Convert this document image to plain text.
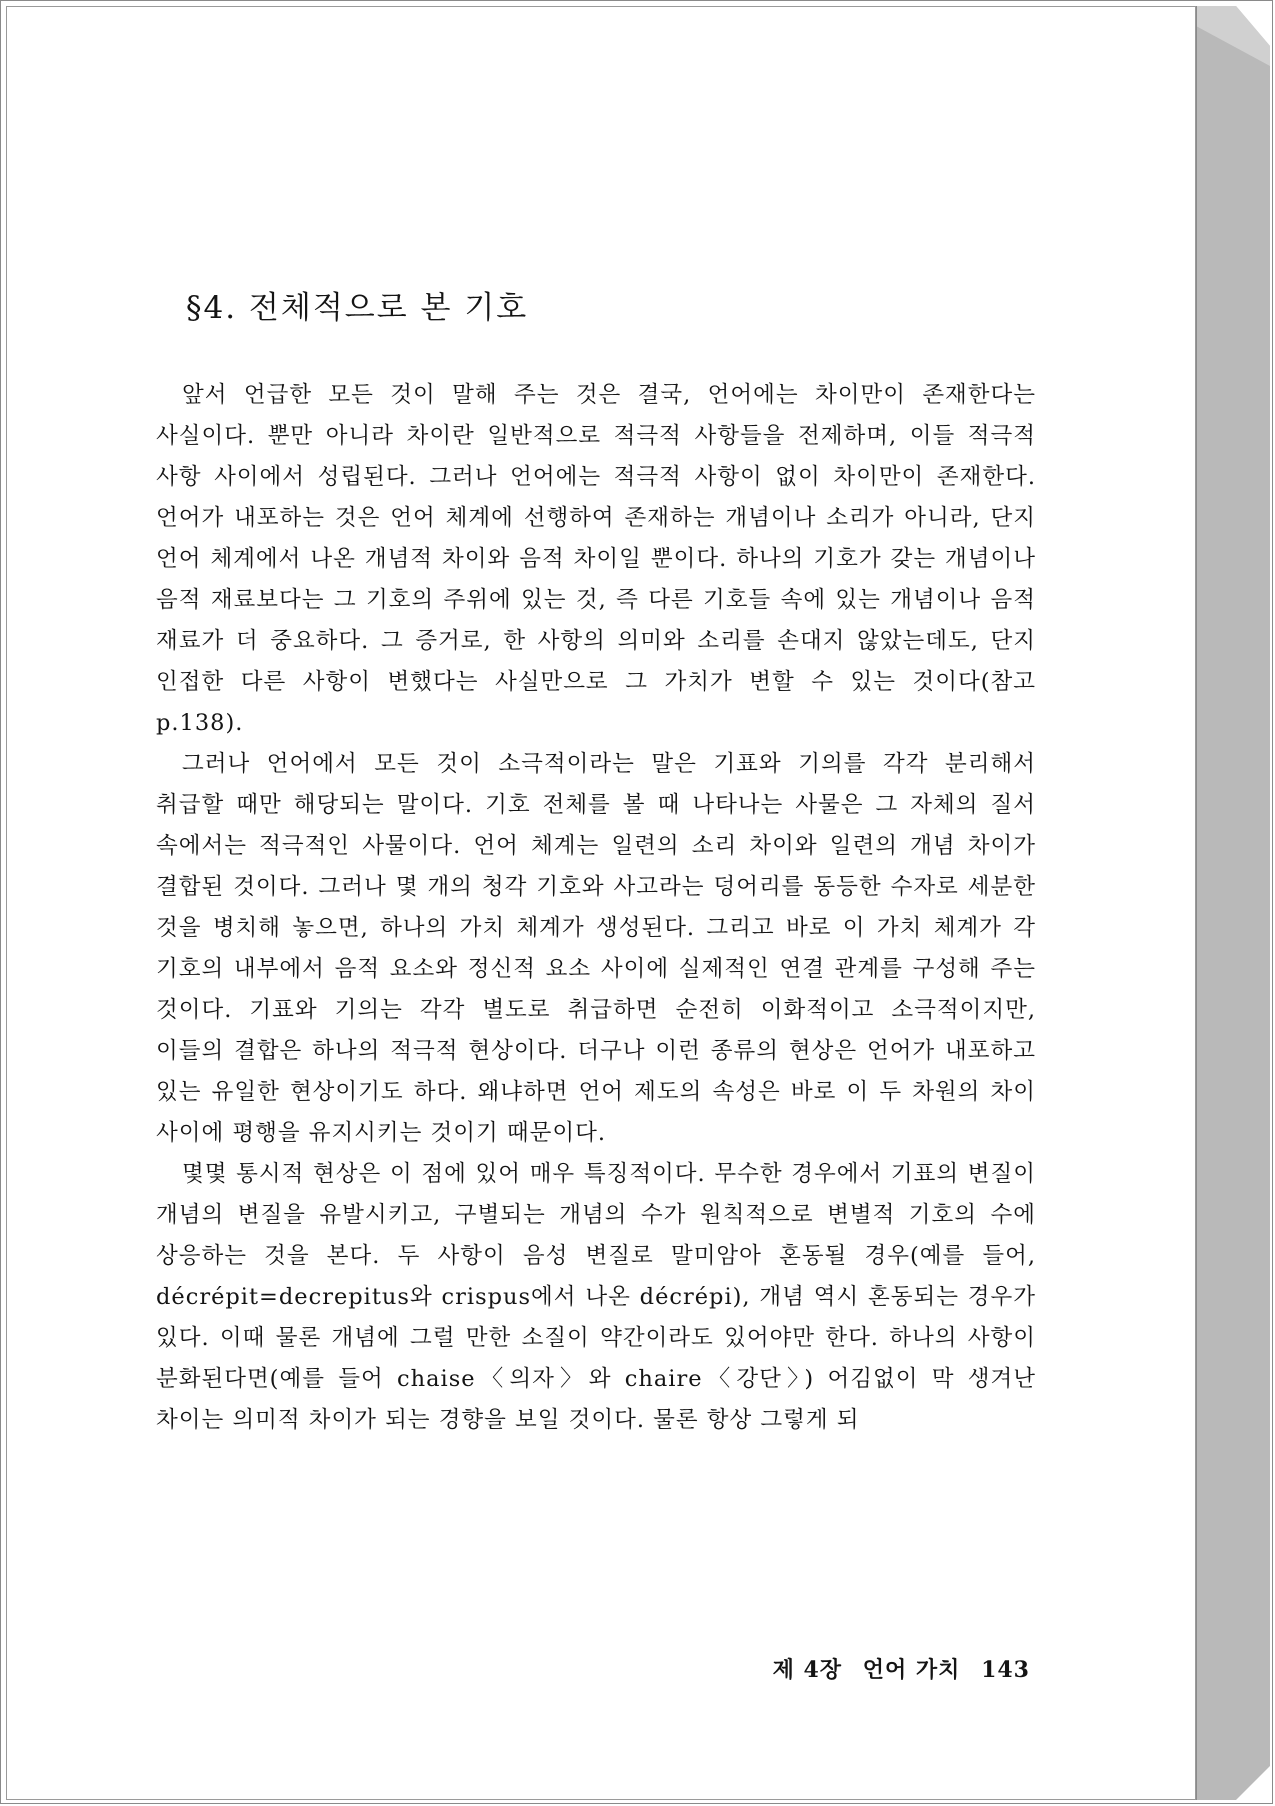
§4. 전체적으로 본 기호

앞서 언급한 모든 것이 말해 주는 것은 결국, 언어에는 차이만이 존재한다는 사실이다. 뿐만 아니라 차이란 일반적으로 적극적 사항들을 전제하며, 이들 적극적 사항 사이에서 성립된다. 그러나 언어에는 적극적 사항이 없이 차이만이 존재한다. 언어가 내포하는 것은 언어 체계에 선행하여 존재하는 개념이나 소리가 아니라, 단지 언어 체계에서 나온 개념적 차이와 음적 차이일 뿐이다. 하나의 기호가 갖는 개념이나 음적 재료보다는 그 기호의 주위에 있는 것, 즉 다른 기호들 속에 있는 개념이나 음적 재료가 더 중요하다. 그 증거로, 한 사항의 의미와 소리를 손대지 않았는데도, 단지 인접한 다른 사항이 변했다는 사실만으로 그 가치가 변할 수 있는 것이다(참고 p.138).

그러나 언어에서 모든 것이 소극적이라는 말은 기표와 기의를 각각 분리해서 취급할 때만 해당되는 말이다. 기호 전체를 볼 때 나타나는 사물은 그 자체의 질서 속에서는 적극적인 사물이다. 언어 체계는 일련의 소리 차이와 일련의 개념 차이가 결합된 것이다. 그러나 몇 개의 청각 기호와 사고라는 덩어리를 동등한 수자로 세분한 것을 병치해 놓으면, 하나의 가치 체계가 생성된다. 그리고 바로 이 가치 체계가 각 기호의 내부에서 음적 요소와 정신적 요소 사이에 실제적인 연결 관계를 구성해 주는 것이다. 기표와 기의는 각각 별도로 취급하면 순전히 이화적이고 소극적이지만, 이들의 결합은 하나의 적극적 현상이다. 더구나 이런 종류의 현상은 언어가 내포하고 있는 유일한 현상이기도 하다. 왜냐하면 언어 제도의 속성은 바로 이 두 차원의 차이 사이에 평행을 유지시키는 것이기 때문이다.

몇몇 통시적 현상은 이 점에 있어 매우 특징적이다. 무수한 경우에서 기표의 변질이 개념의 변질을 유발시키고, 구별되는 개념의 수가 원칙적으로 변별적 기호의 수에 상응하는 것을 본다. 두 사항이 음성 변질로 말미암아 혼동될 경우(예를 들어, décrépit=decrepitus와 crispus에서 나온 décrépi), 개념 역시 혼동되는 경우가 있다. 이때 물론 개념에 그럴 만한 소질이 약간이라도 있어야만 한다. 하나의 사항이 분화된다면(예를 들어 chaise〈의자〉와 chaire〈강단〉) 어김없이 막 생겨난 차이는 의미적 차이가 되는 경향을 보일 것이다. 물론 항상 그렇게 되

제 4장 언어 가치 143
